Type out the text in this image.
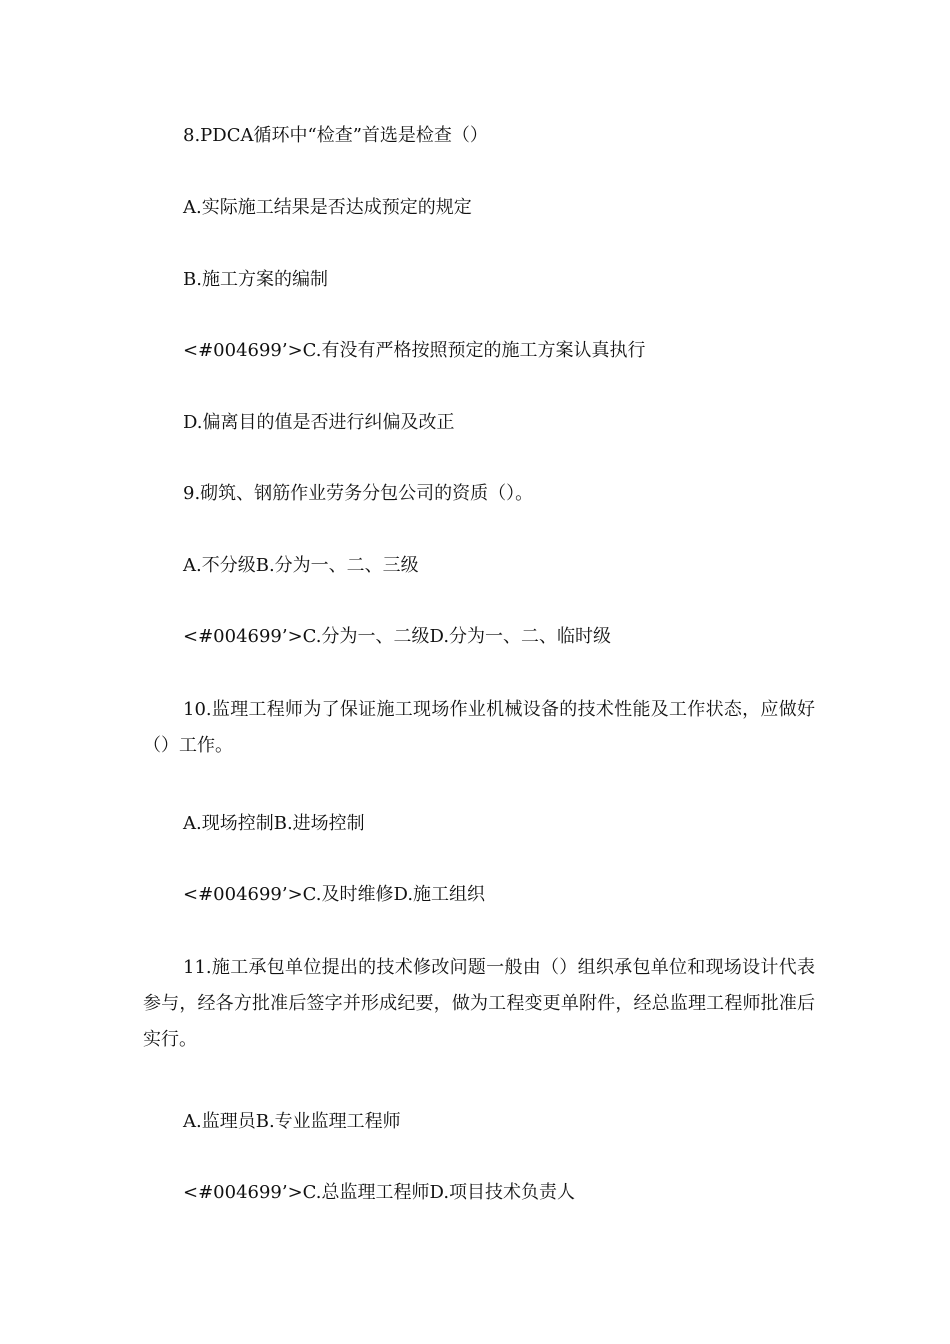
8.PDCA循环中“检查”首选是检查（）
A.实际施工结果是否达成预定的规定
B.施工方案的编制
<#004699’>C.有没有严格按照预定的施工方案认真执行
D.偏离目的值是否进行纠偏及改正
9.砌筑、钢筋作业劳务分包公司的资质（）。
A.不分级B.分为一、二、三级
<#004699’>C.分为一、二级D.分为一、二、临时级
10.监理工程师为了保证施工现场作业机械设备的技术性能及工作状态，应做好（）工作。
A.现场控制B.进场控制
<#004699’>C.及时维修D.施工组织
11.施工承包单位提出的技术修改问题一般由（）组织承包单位和现场设计代表参与，经各方批准后签字并形成纪要，做为工程变更单附件，经总监理工程师批准后实行。
A.监理员B.专业监理工程师
<#004699’>C.总监理工程师D.项目技术负责人
